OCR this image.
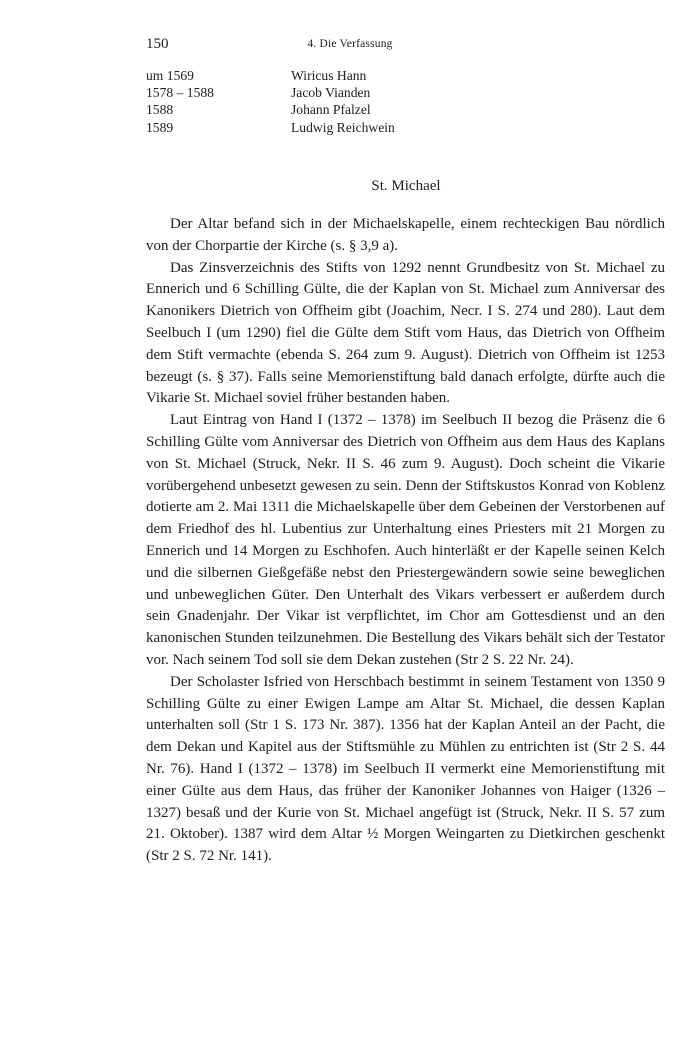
150	4. Die Verfassung
um 1569	Wiricus Hann
1578 – 1588	Jacob Vianden
1588	Johann Pfalzel
1589	Ludwig Reichwein
St. Michael

Der Altar befand sich in der Michaelskapelle, einem rechteckigen Bau nördlich von der Chorpartie der Kirche (s. § 3,9 a).

Das Zinsverzeichnis des Stifts von 1292 nennt Grundbesitz von St. Michael zu Ennerich und 6 Schilling Gülte, die der Kaplan von St. Michael zum Anniversar des Kanonikers Dietrich von Offheim gibt (Joachim, Necr. I S. 274 und 280). Laut dem Seelbuch I (um 1290) fiel die Gülte dem Stift vom Haus, das Dietrich von Offheim dem Stift vermachte (ebenda S. 264 zum 9. August). Dietrich von Offheim ist 1253 bezeugt (s. § 37). Falls seine Memorienstiftung bald danach erfolgte, dürfte auch die Vikarie St. Michael soviel früher bestanden haben.

Laut Eintrag von Hand I (1372 – 1378) im Seelbuch II bezog die Präsenz die 6 Schilling Gülte vom Anniversar des Dietrich von Offheim aus dem Haus des Kaplans von St. Michael (Struck, Nekr. II S. 46 zum 9. August). Doch scheint die Vikarie vorübergehend unbesetzt gewesen zu sein. Denn der Stiftskustos Konrad von Koblenz dotierte am 2. Mai 1311 die Michaelskapelle über dem Gebeinen der Verstorbenen auf dem Friedhof des hl. Lubentius zur Unterhaltung eines Priesters mit 21 Morgen zu Ennerich und 14 Morgen zu Eschhofen. Auch hinterläßt er der Kapelle seinen Kelch und die silbernen Gießgefäße nebst den Priestergewändern sowie seine beweglichen und unbeweglichen Güter. Den Unterhalt des Vikars verbessert er außerdem durch sein Gnadenjahr. Der Vikar ist verpflichtet, im Chor am Gottesdienst und an den kanonischen Stunden teilzunehmen. Die Bestellung des Vikars behält sich der Testator vor. Nach seinem Tod soll sie dem Dekan zustehen (Str 2 S. 22 Nr. 24).

Der Scholaster Isfried von Herschbach bestimmt in seinem Testament von 1350 9 Schilling Gülte zu einer Ewigen Lampe am Altar St. Michael, die dessen Kaplan unterhalten soll (Str 1 S. 173 Nr. 387). 1356 hat der Kaplan Anteil an der Pacht, die dem Dekan und Kapitel aus der Stiftsmühle zu Mühlen zu entrichten ist (Str 2 S. 44 Nr. 76). Hand I (1372 – 1378) im Seelbuch II vermerkt eine Memorienstiftung mit einer Gülte aus dem Haus, das früher der Kanoniker Johannes von Haiger (1326 – 1327) besaß und der Kurie von St. Michael angefügt ist (Struck, Nekr. II S. 57 zum 21. Oktober). 1387 wird dem Altar ½ Morgen Weingarten zu Dietkirchen geschenkt (Str 2 S. 72 Nr. 141).
